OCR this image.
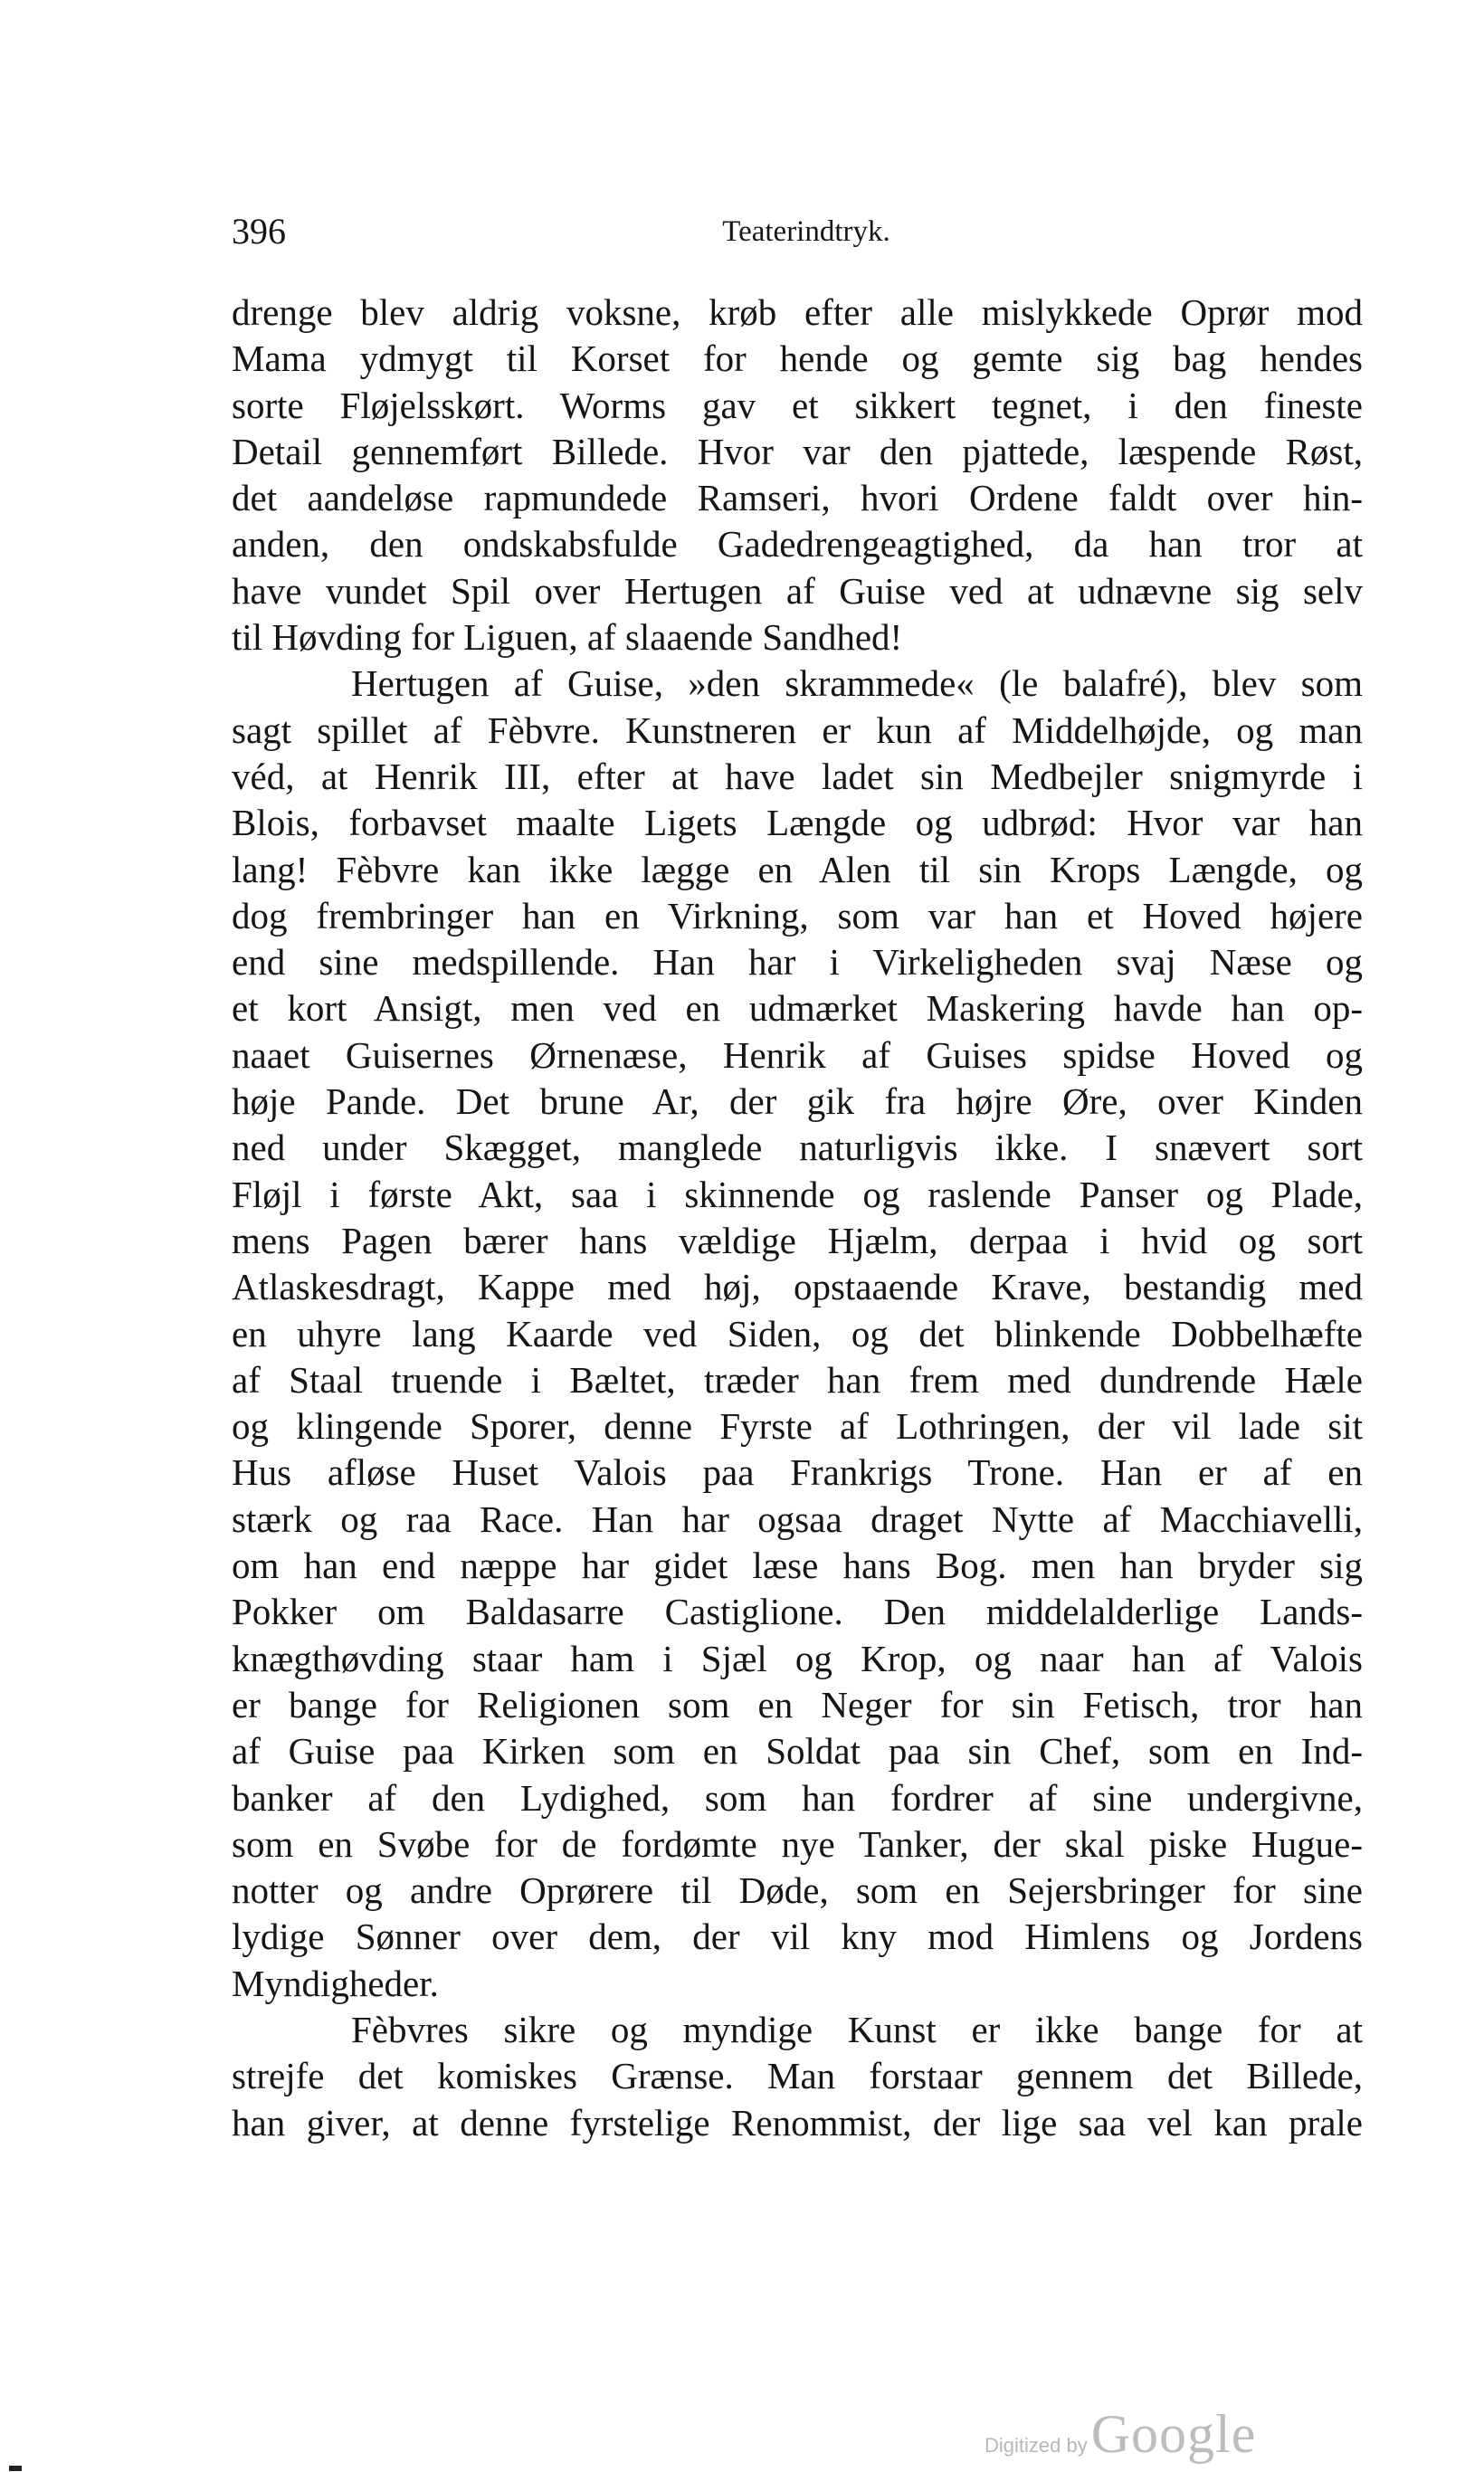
396	Teaterindtryk.
drenge blev aldrig voksne, krøb efter alle mislykkede Oprør mod
Mama ydmygt til Korset for hende og gemte sig bag hendes
sorte Fløjelsskørt. Worms gav et sikkert tegnet, i den fineste
Detail gennemført Billede. Hvor var den pjattede, læspende Røst,
det aandeløse rapmundede Ramseri, hvori Ordene faldt over hin-
anden, den ondskabsfulde Gadedrengeagtighed, da han tror at
have vundet Spil over Hertugen af Guise ved at udnævne sig selv
til Høvding for Liguen, af slaaende Sandhed!
Hertugen af Guise, »den skrammede« (le balafré), blev som
sagt spillet af Fèbvre. Kunstneren er kun af Middelhøjde, og man
véd, at Henrik III, efter at have ladet sin Medbejler snigmyrde i
Blois, forbavset maalte Ligets Længde og udbrød: Hvor var han
lang! Fèbvre kan ikke lægge en Alen til sin Krops Længde, og
dog frembringer han en Virkning, som var han et Hoved højere
end sine medspillende. Han har i Virkeligheden svaj Næse og
et kort Ansigt, men ved en udmærket Maskering havde han op-
naaet Guisernes Ørnenæse, Henrik af Guises spidse Hoved og
høje Pande. Det brune Ar, der gik fra højre Øre, over Kinden
ned under Skægget, manglede naturligvis ikke. I snævert sort
Fløjl i første Akt, saa i skinnende og raslende Panser og Plade,
mens Pagen bærer hans vældige Hjælm, derpaa i hvid og sort
Atlaskesdragt, Kappe med høj, opstaaende Krave, bestandig med
en uhyre lang Kaarde ved Siden, og det blinkende Dobbelhæfte
af Staal truende i Bæltet, træder han frem med dundrende Hæle
og klingende Sporer, denne Fyrste af Lothringen, der vil lade sit
Hus afløse Huset Valois paa Frankrigs Trone. Han er af en
stærk og raa Race. Han har ogsaa draget Nytte af Macchiavelli,
om han end næppe har gidet læse hans Bog. men han bryder sig
Pokker om Baldasarre Castiglione. Den middelalderlige Lands-
knægthøvding staar ham i Sjæl og Krop, og naar han af Valois
er bange for Religionen som en Neger for sin Fetisch, tror han
af Guise paa Kirken som en Soldat paa sin Chef, som en Ind-
banker af den Lydighed, som han fordrer af sine undergivne,
som en Svøbe for de fordømte nye Tanker, der skal piske Hugue-
notter og andre Oprørere til Døde, som en Sejersbringer for sine
lydige Sønner over dem, der vil kny mod Himlens og Jordens
Myndigheder.
Fèbvres sikre og myndige Kunst er ikke bange for at
strejfe det komiskes Grænse. Man forstaar gennem det Billede,
han giver, at denne fyrstelige Renommist, der lige saa vel kan prale
Digitized by Google
